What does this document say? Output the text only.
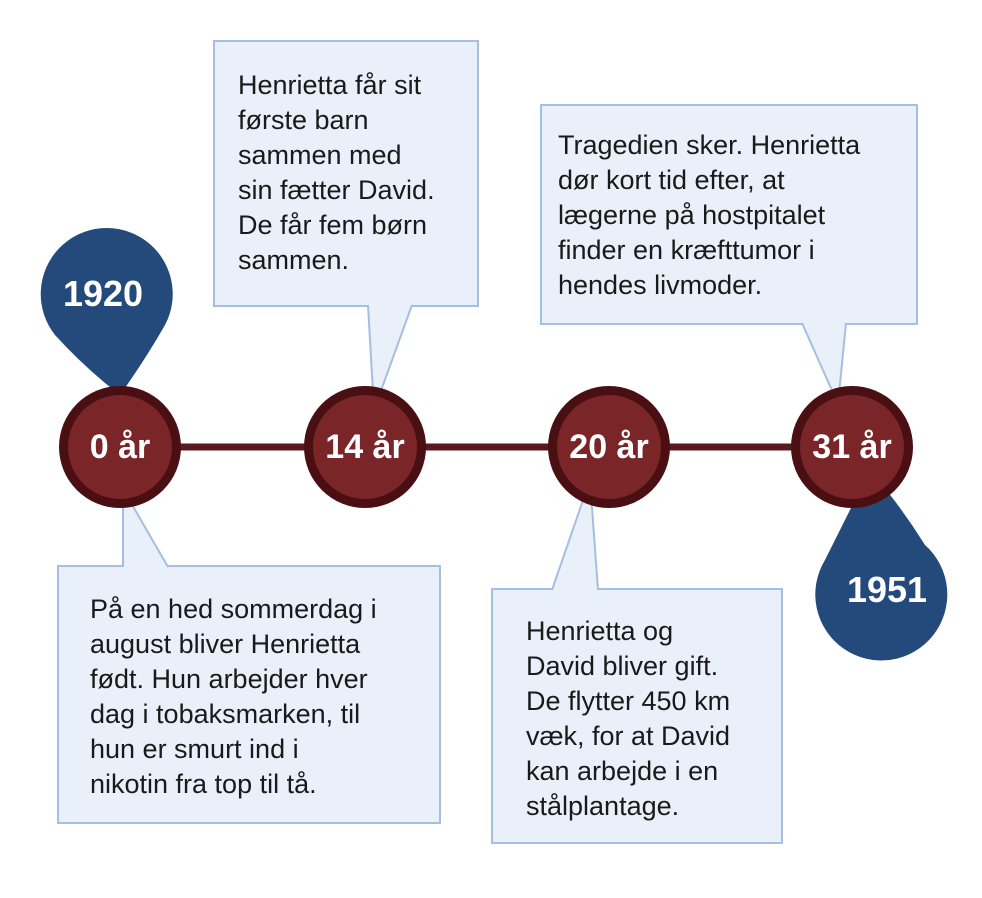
1920
1951
0 år	14 år	20 år	31 år

På en hed sommerdag i
august bliver Henrietta
født. Hun arbejder hver
dag i tobaksmarken, til
hun er smurt ind i
nikotin fra top til tå.

Henrietta får sit
første barn
sammen med
sin fætter David.
De får fem børn
sammen.

Henrietta og
David bliver gift.
De flytter 450 km
væk, for at David
kan arbejde i en
stålplantage.

Tragedien sker. Henrietta
dør kort tid efter, at
lægerne på hostpitalet
finder en kræfttumor i
hendes livmoder.
